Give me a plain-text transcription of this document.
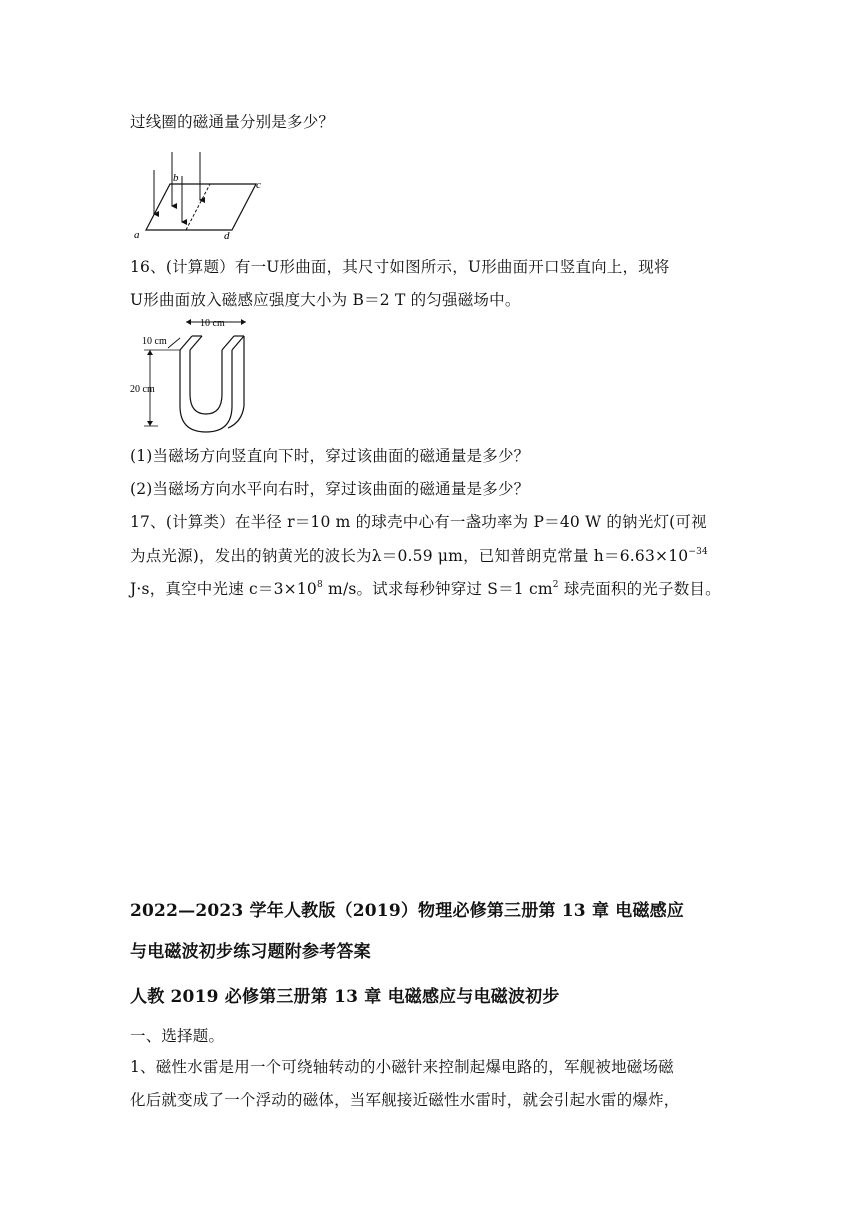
过线圈的磁通量分别是多少？
b
c
a	d
16、(计算题）有一U形曲面，其尺寸如图所示，U形曲面开口竖直向上，现将
U形曲面放入磁感应强度大小为 B＝2 T 的匀强磁场中。
10 cm
10 cm
20 cm
(1)当磁场方向竖直向下时，穿过该曲面的磁通量是多少？
(2)当磁场方向水平向右时，穿过该曲面的磁通量是多少？
17、(计算类）在半径 r＝10 m 的球壳中心有一盏功率为 P＝40 W 的钠光灯(可视
为点光源)，发出的钠黄光的波长为λ＝0.59 μm，已知普朗克常量 $h=6.63\times 10^{-34}$
J·s，真空中光速 $c=3\times 10^8$ m/s。试求每秒钟穿过 S＝1 $cm^2$ 球壳面积的光子数目。
2022—2023 学年人教版（2019）物理必修第三册第 13 章 电磁感应
与电磁波初步练习题附参考答案
人教 2019 必修第三册第 13 章 电磁感应与电磁波初步
一、选择题。
1、磁性水雷是用一个可绕轴转动的小磁针来控制起爆电路的，军舰被地磁场磁
化后就变成了一个浮动的磁体，当军舰接近磁性水雷时，就会引起水雷的爆炸，
